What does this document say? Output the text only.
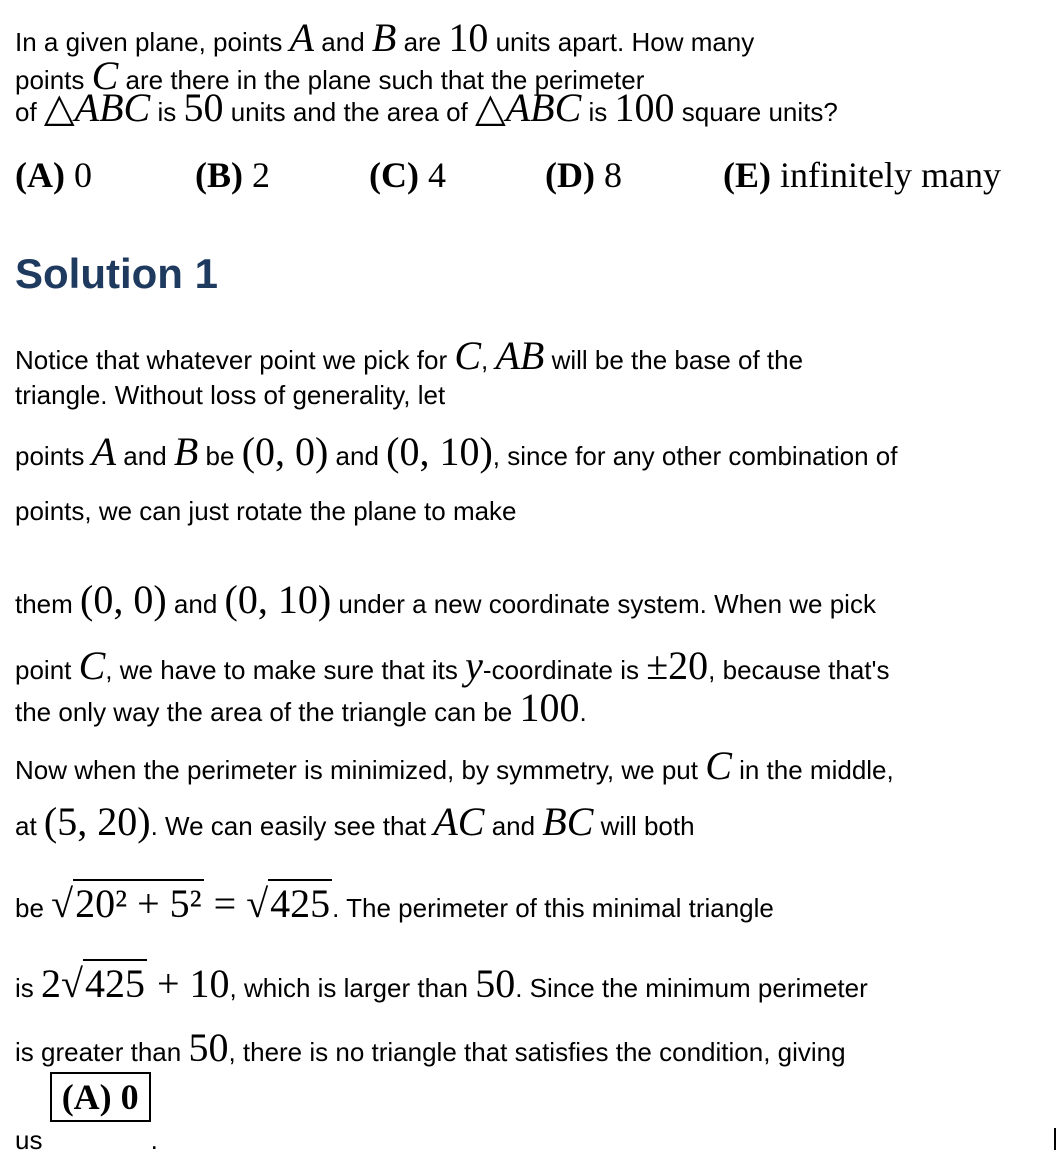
In a given plane, points A and B are 10 units apart. How many
points C are there in the plane such that the perimeter
of △ABC is 50 units and the area of △ABC is 100 square units?
(A) 0	(B) 2	(C) 4	(D) 8	(E) infinitely many
Solution 1
Notice that whatever point we pick for C, AB will be the base of the
triangle. Without loss of generality, let
points A and B be (0, 0) and (0, 10), since for any other combination of
points, we can just rotate the plane to make
them (0, 0) and (0, 10) under a new coordinate system. When we pick
point C, we have to make sure that its y-coordinate is ±20, because that's
the only way the area of the triangle can be 100.
Now when the perimeter is minimized, by symmetry, we put C in the middle,
at (5, 20). We can easily see that AC and BC will both
be √20² + 5² = √425. The perimeter of this minimal triangle
is 2√425 + 10, which is larger than 50. Since the minimum perimeter
is greater than 50, there is no triangle that satisfies the condition, giving
us (A) 0.
